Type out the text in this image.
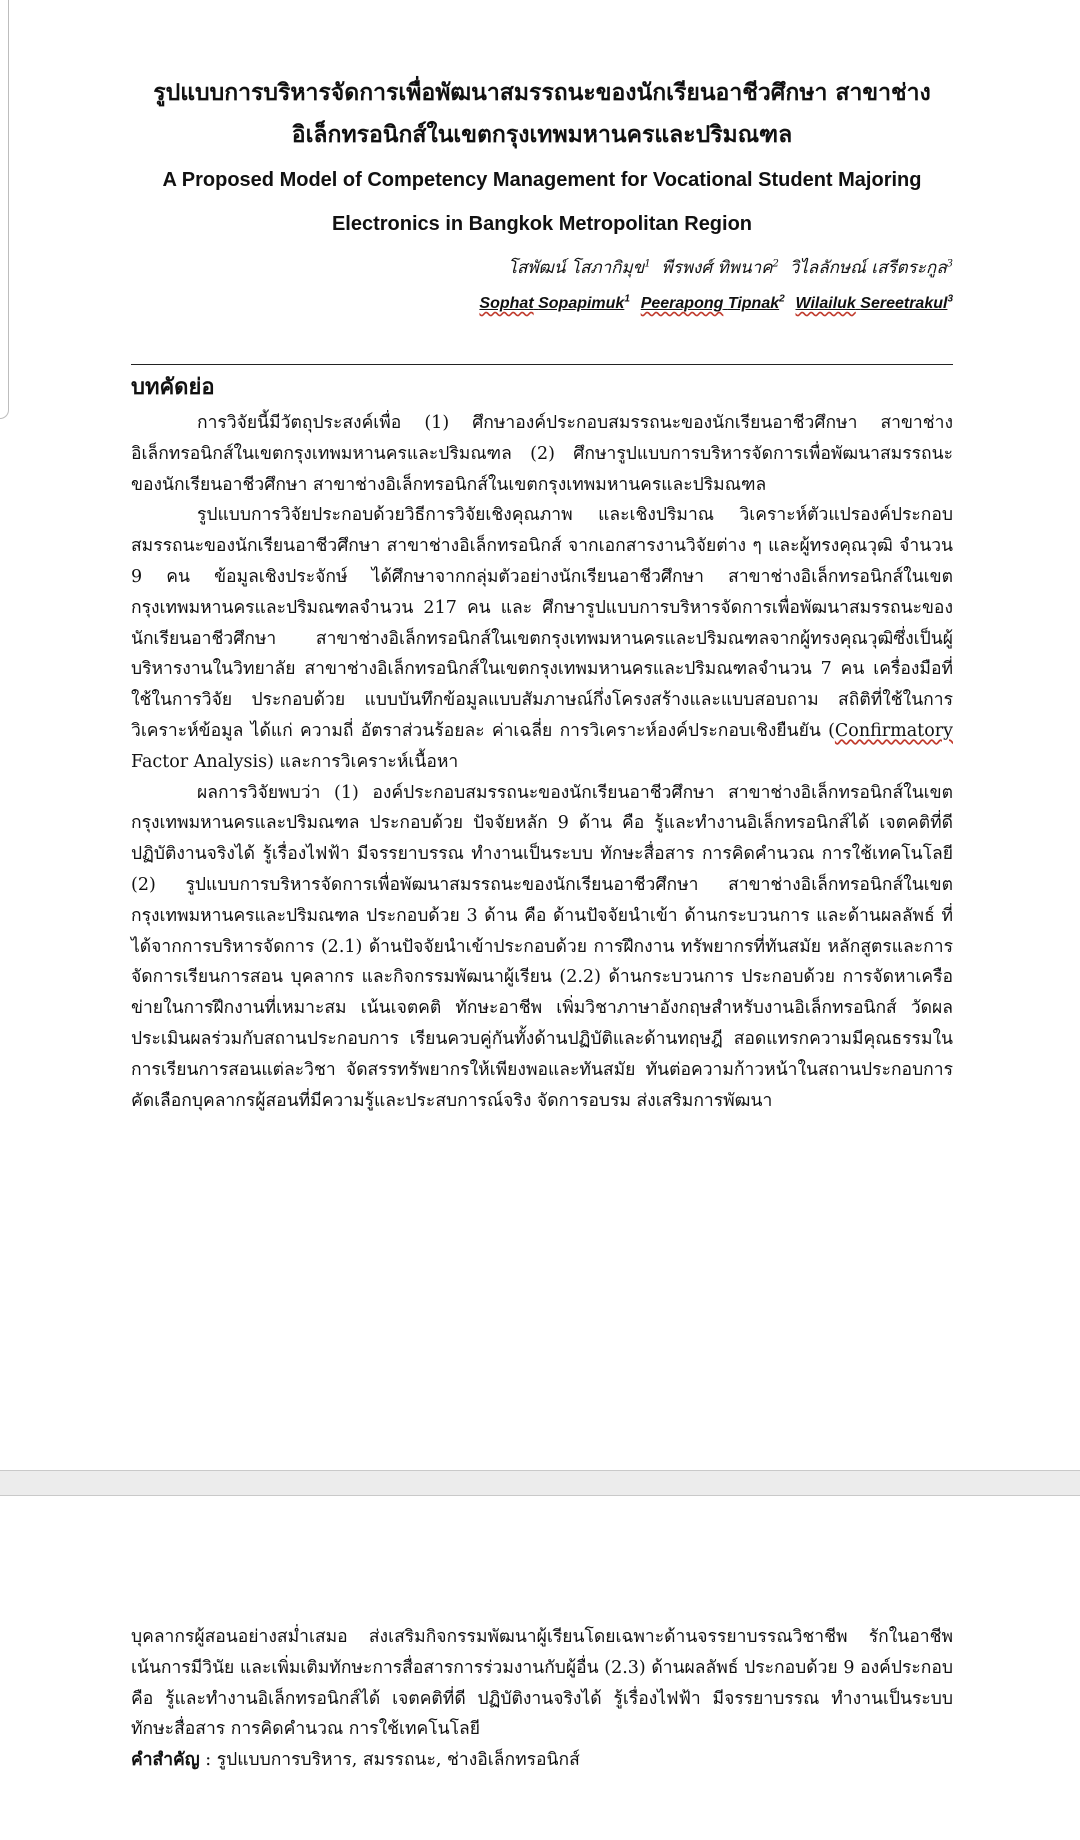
รูปแบบการบริหารจัดการเพื่อพัฒนาสมรรถนะของนักเรียนอาชีวศึกษา สาขาช่าง

อิเล็กทรอนิกส์ในเขตกรุงเทพมหานครและปริมณฑล

A Proposed Model of Competency Management for Vocational Student Majoring

Electronics in Bangkok Metropolitan Region

โสพัฒน์ โสภากิมุข$^1$ พีรพงศ์ ทิพนาค$^2$ วิไลลักษณ์ เสรีตระกูล$^3$

Sophat Sopapimuk$^1$ Peerapong Tipnak$^2$ Wilailuk Sereetrakul$^3$

บทคัดย่อ

การวิจัยนี้มีวัตถุประสงค์เพื่อ (1) ศึกษาองค์ประกอบสมรรถนะของนักเรียนอาชีวศึกษา สาขาช่างอิเล็กทรอนิกส์ในเขตกรุงเทพมหานครและปริมณฑล (2) ศึกษารูปแบบการบริหารจัดการเพื่อพัฒนาสมรรถนะของนักเรียนอาชีวศึกษา สาขาช่างอิเล็กทรอนิกส์ในเขตกรุงเทพมหานครและปริมณฑล

รูปแบบการวิจัยประกอบด้วยวิธีการวิจัยเชิงคุณภาพ และเชิงปริมาณ วิเคราะห์ตัวแปรองค์ประกอบสมรรถนะของนักเรียนอาชีวศึกษา สาขาช่างอิเล็กทรอนิกส์ จากเอกสารงานวิจัยต่าง ๆ และผู้ทรงคุณวุฒิ จำนวน 9 คน ข้อมูลเชิงประจักษ์ ได้ศึกษาจากกลุ่มตัวอย่างนักเรียนอาชีวศึกษา สาขาช่างอิเล็กทรอนิกส์ในเขตกรุงเทพมหานครและปริมณฑลจำนวน 217 คน และ ศึกษารูปแบบการบริหารจัดการเพื่อพัฒนาสมรรถนะของนักเรียนอาชีวศึกษา สาขาช่างอิเล็กทรอนิกส์ในเขตกรุงเทพมหานครและปริมณฑลจากผู้ทรงคุณวุฒิซึ่งเป็นผู้บริหารงานในวิทยาลัย สาขาช่างอิเล็กทรอนิกส์ในเขตกรุงเทพมหานครและปริมณฑลจำนวน 7 คน เครื่องมือที่ใช้ในการวิจัย ประกอบด้วย แบบบันทึกข้อมูลแบบสัมภาษณ์กึ่งโครงสร้างและแบบสอบถาม สถิติที่ใช้ในการวิเคราะห์ข้อมูล ได้แก่ ความถี่ อัตราส่วนร้อยละ ค่าเฉลี่ย การวิเคราะห์องค์ประกอบเชิงยืนยัน (Confirmatory Factor Analysis) และการวิเคราะห์เนื้อหา

ผลการวิจัยพบว่า (1) องค์ประกอบสมรรถนะของนักเรียนอาชีวศึกษา สาขาช่างอิเล็กทรอนิกส์ในเขตกรุงเทพมหานครและปริมณฑล ประกอบด้วย ปัจจัยหลัก 9 ด้าน คือ รู้และทำงานอิเล็กทรอนิกส์ได้ เจตคติที่ดี ปฏิบัติงานจริงได้ รู้เรื่องไฟฟ้า มีจรรยาบรรณ ทำงานเป็นระบบ ทักษะสื่อสาร การคิดคำนวณ การใช้เทคโนโลยี (2) รูปแบบการบริหารจัดการเพื่อพัฒนาสมรรถนะของนักเรียนอาชีวศึกษา สาขาช่างอิเล็กทรอนิกส์ในเขตกรุงเทพมหานครและปริมณฑล ประกอบด้วย 3 ด้าน คือ ด้านปัจจัยนำเข้า ด้านกระบวนการ และด้านผลลัพธ์ ที่ได้จากการบริหารจัดการ (2.1) ด้านปัจจัยนำเข้าประกอบด้วย การฝึกงาน ทรัพยากรที่ทันสมัย หลักสูตรและการจัดการเรียนการสอน บุคลากร และกิจกรรมพัฒนาผู้เรียน (2.2) ด้านกระบวนการ ประกอบด้วย การจัดหาเครือข่ายในการฝึกงานที่เหมาะสม เน้นเจตคติ ทักษะอาชีพ เพิ่มวิชาภาษาอังกฤษสำหรับงานอิเล็กทรอนิกส์ วัดผลประเมินผลร่วมกับสถานประกอบการ เรียนควบคู่กันทั้งด้านปฏิบัติและด้านทฤษฎี สอดแทรกความมีคุณธรรมในการเรียนการสอนแต่ละวิชา จัดสรรทรัพยากรให้เพียงพอและทันสมัย ทันต่อความก้าวหน้าในสถานประกอบการ คัดเลือกบุคลากรผู้สอนที่มีความรู้และประสบการณ์จริง จัดการอบรม ส่งเสริมการพัฒนา

บุคลากรผู้สอนอย่างสม่ำเสมอ ส่งเสริมกิจกรรมพัฒนาผู้เรียนโดยเฉพาะด้านจรรยาบรรณวิชาชีพ รักในอาชีพ เน้นการมีวินัย และเพิ่มเติมทักษะการสื่อสารการร่วมงานกับผู้อื่น (2.3) ด้านผลลัพธ์ ประกอบด้วย 9 องค์ประกอบ คือ รู้และทำงานอิเล็กทรอนิกส์ได้ เจตคติที่ดี ปฏิบัติงานจริงได้ รู้เรื่องไฟฟ้า มีจรรยาบรรณ ทำงานเป็นระบบ ทักษะสื่อสาร การคิดคำนวณ การใช้เทคโนโลยี

คำสำคัญ : รูปแบบการบริหาร, สมรรถนะ, ช่างอิเล็กทรอนิกส์
